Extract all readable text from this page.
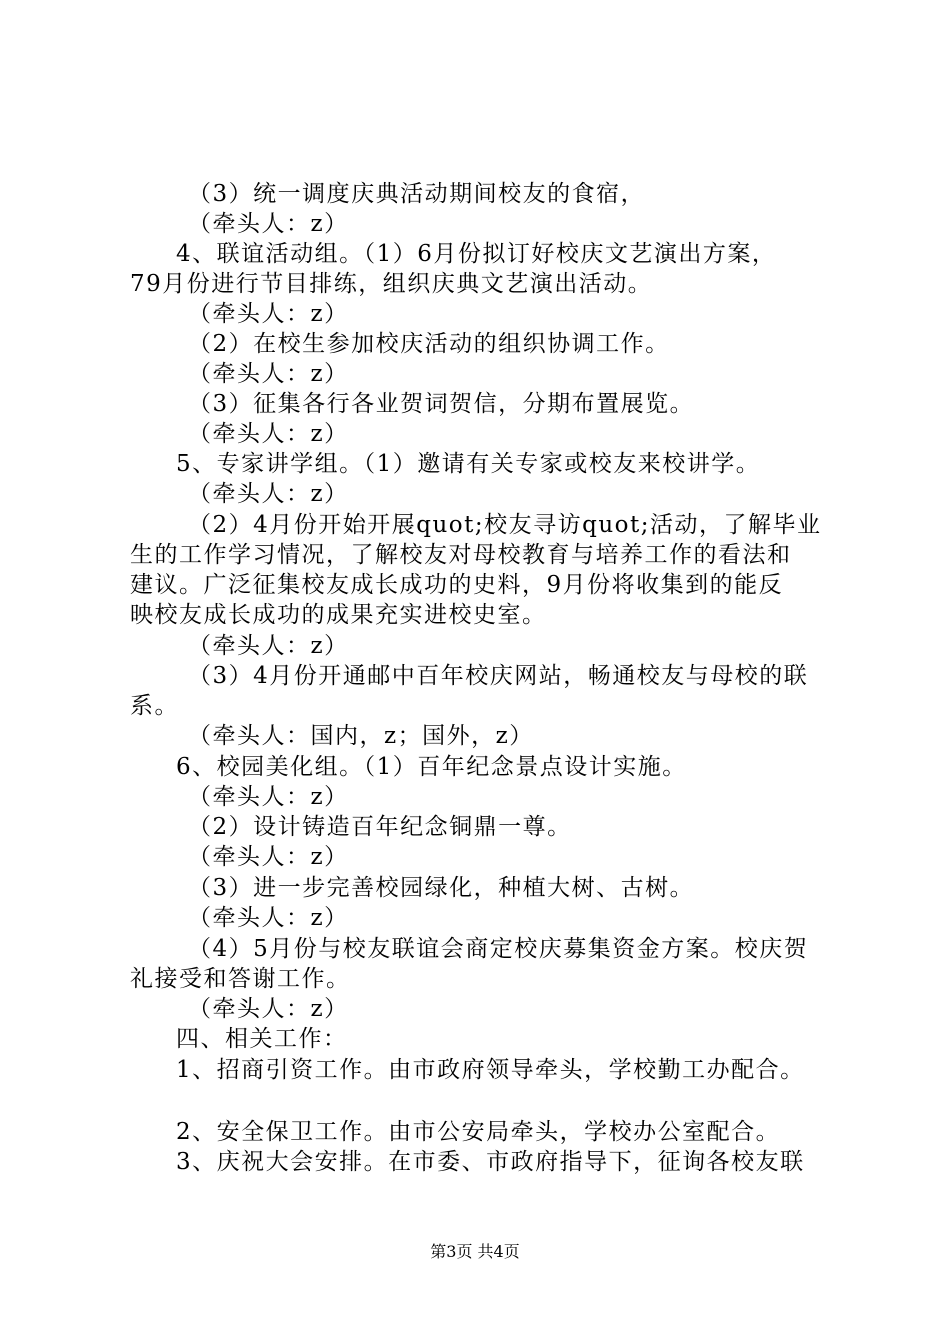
（3）统一调度庆典活动期间校友的食宿，
（牵头人：z）
4、联谊活动组。（1）6月份拟订好校庆文艺演出方案，
79月份进行节目排练，组织庆典文艺演出活动。
（牵头人：z）
（2）在校生参加校庆活动的组织协调工作。
（牵头人：z）
（3）征集各行各业贺词贺信，分期布置展览。
（牵头人：z）
5、专家讲学组。（1）邀请有关专家或校友来校讲学。
（牵头人：z）
（2）4月份开始开展quot;校友寻访quot;活动，了解毕业
生的工作学习情况，了解校友对母校教育与培养工作的看法和
建议。广泛征集校友成长成功的史料，9月份将收集到的能反
映校友成长成功的成果充实进校史室。
（牵头人：z）
（3）4月份开通邮中百年校庆网站，畅通校友与母校的联
系。
（牵头人：国内，z；国外，z）
6、校园美化组。（1）百年纪念景点设计实施。
（牵头人：z）
（2）设计铸造百年纪念铜鼎一尊。
（牵头人：z）
（3）进一步完善校园绿化，种植大树、古树。
（牵头人：z）
（4）5月份与校友联谊会商定校庆募集资金方案。校庆贺
礼接受和答谢工作。
（牵头人：z）
四、相关工作：
1、招商引资工作。由市政府领导牵头，学校勤工办配合。
2、安全保卫工作。由市公安局牵头，学校办公室配合。
3、庆祝大会安排。在市委、市政府指导下，征询各校友联
第3页 共4页
